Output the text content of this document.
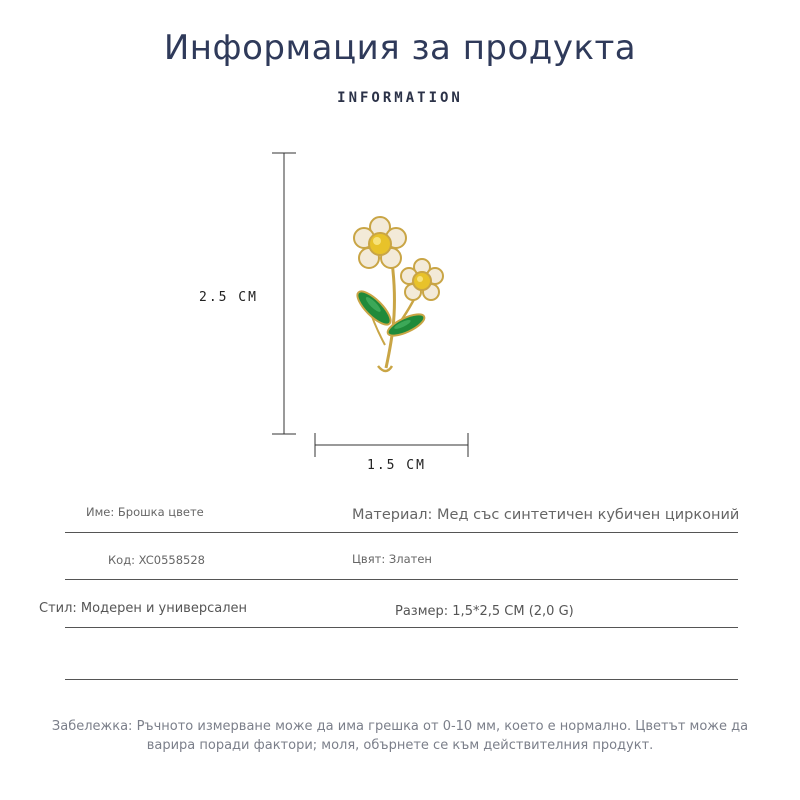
Информация за продукта
INFORMATION
2.5 CM
1.5 CM
Име: Брошка цвете	Материал: Мед със синтетичен кубичен цирконий
Код: XC0558528	Цвят: Златен
Стил: Модерен и универсален	Размер: 1,5*2,5 CM (2,0 G)
Забележка: Ръчното измерване може да има грешка от 0-10 мм, което е нормално. Цветът може да варира поради фактори; моля, обърнете се към действителния продукт.
